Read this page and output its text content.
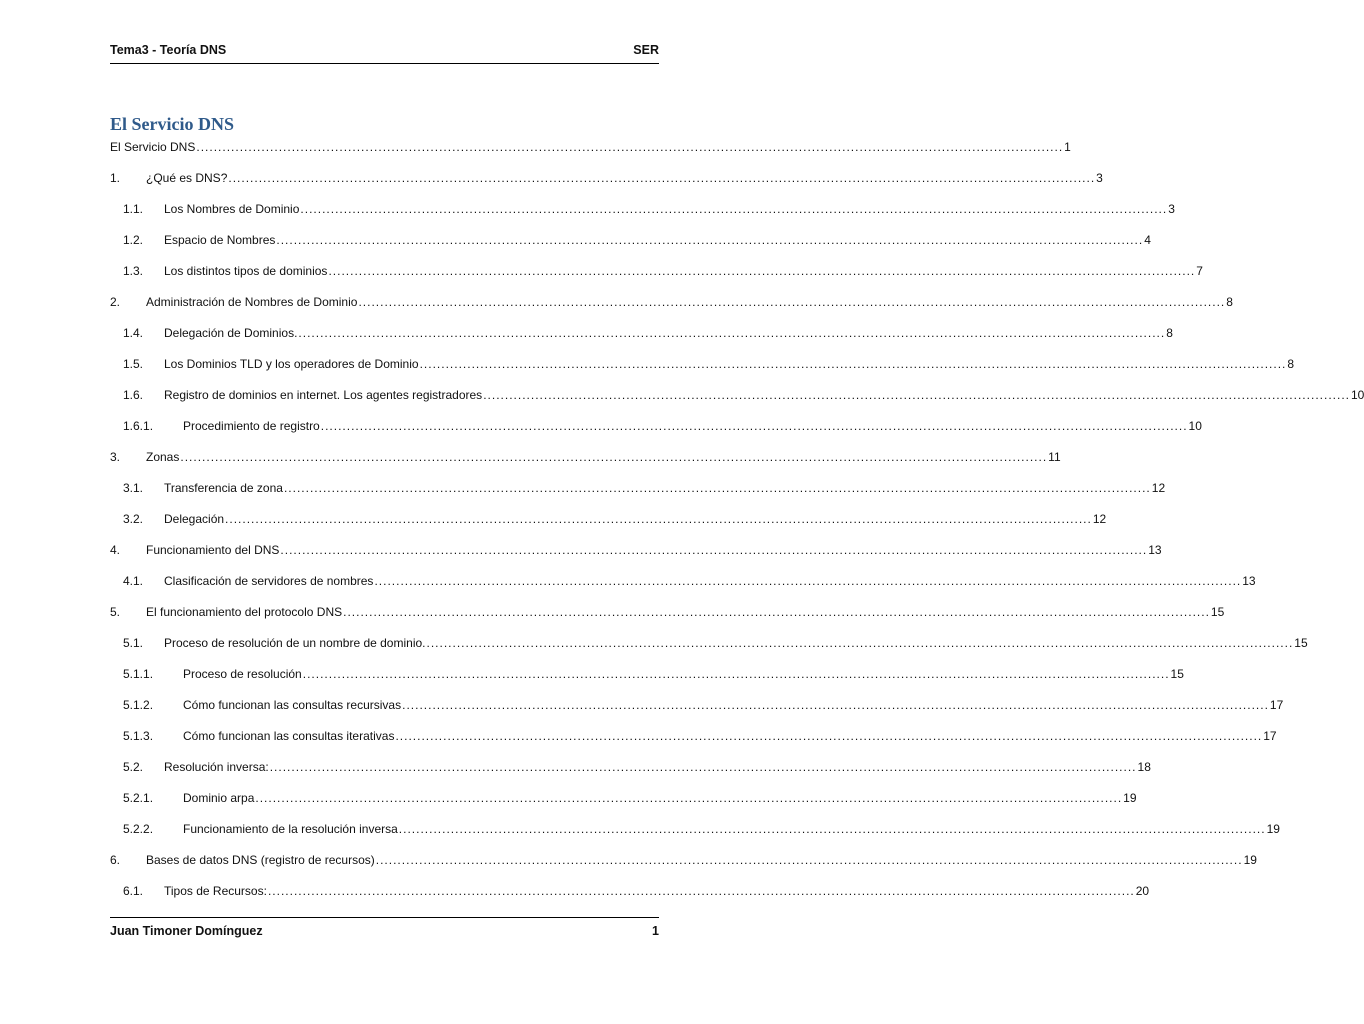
Tema3 - Teoría DNS	SER
El Servicio DNS
El Servicio DNS ........................................................................................................................................................................................................ 1
1.	¿Qué es DNS? ........................................................................................................................................................................................................ 3
1.1.	Los Nombres de Dominio ........................................................................................................................................................................................................ 3
1.2.	Espacio de Nombres ........................................................................................................................................................................................................ 4
1.3.	Los distintos tipos de dominios ........................................................................................................................................................................................................ 7
2.	Administración de Nombres de Dominio ........................................................................................................................................................................................................ 8
1.4.	Delegación de Dominios. ........................................................................................................................................................................................................ 8
1.5.	Los Dominios TLD y los operadores de Dominio ........................................................................................................................................................................................................ 8
1.6.	Registro de dominios en internet. Los agentes registradores ........................................................................................................................................................................................................ 10
1.6.1.	Procedimiento de registro ........................................................................................................................................................................................................ 10
3.	Zonas ........................................................................................................................................................................................................ 11
3.1.	Transferencia de zona ........................................................................................................................................................................................................ 12
3.2.	Delegación ........................................................................................................................................................................................................ 12
4.	Funcionamiento del DNS ........................................................................................................................................................................................................ 13
4.1.	Clasificación de servidores de nombres ........................................................................................................................................................................................................ 13
5.	El funcionamiento del protocolo DNS ........................................................................................................................................................................................................ 15
5.1.	Proceso de resolución de un nombre de dominio. ........................................................................................................................................................................................................ 15
5.1.1.	Proceso de resolución ........................................................................................................................................................................................................ 15
5.1.2.	Cómo funcionan las consultas recursivas ........................................................................................................................................................................................................ 17
5.1.3.	Cómo funcionan las consultas iterativas ........................................................................................................................................................................................................ 17
5.2.	Resolución inversa: ........................................................................................................................................................................................................ 18
5.2.1.	Dominio arpa ........................................................................................................................................................................................................ 19
5.2.2.	Funcionamiento de la resolución inversa ........................................................................................................................................................................................................ 19
6.	Bases de datos DNS (registro de recursos) ........................................................................................................................................................................................................ 19
6.1.	Tipos de Recursos: ........................................................................................................................................................................................................ 20
Juan Timoner Domínguez	1
